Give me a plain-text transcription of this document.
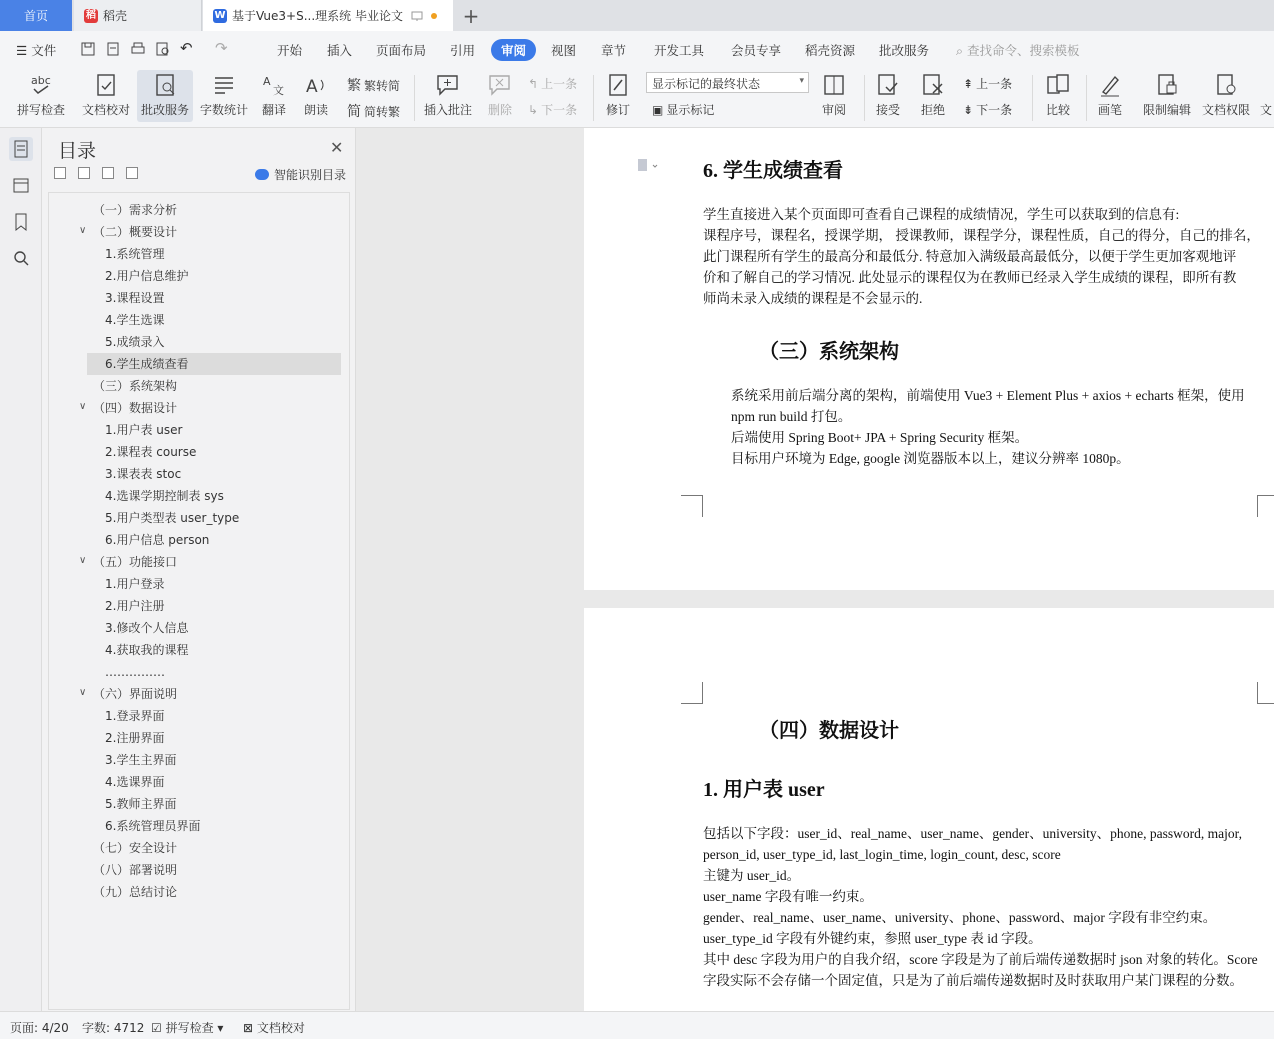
首页	稻 稻壳	W 基于Vue3+S...理系统 毕业论文	+
☰ 文件	↶ ↷	开始 插入 页面布局 引用	审阅	视图 章节 开发工具 会员专享 稻壳资源 批改服务 ⌕ 查找命令、搜索模板
abc
拼写检查 文档校对 批改服务 字数统计
A
文
翻译
A
朗读
繁 繁转简
简 简转繁 插入批注 删除
↰ 上一条
↳ 下一条 修订
显示标记的最终状态	▾
▣ 显示标记	审阅 接受 拒绝
⇞ 上一条
⇟ 下一条	比较 画笔 限制编辑 文档权限 文
目录	✕
智能识别目录
（一）需求分析
∨ （二）概要设计
1.系统管理
2.用户信息维护
3.课程设置
4.学生选课
5.成绩录入
6.学生成绩查看
（三）系统架构
∨ （四）数据设计
1.用户表 user
2.课程表 course
3.课表表 stoc
4.选课学期控制表 sys
5.用户类型表 user_type
6.用户信息 person
∨ （五）功能接口
1.用户登录
2.用户注册
3.修改个人信息
4.获取我的课程
……………
∨ （六）界面说明
1.登录界面
2.注册界面
3.学生主界面
4.选课界面
5.教师主界面
6.系统管理员界面
（七）安全设计
（八）部署说明
（九）总结讨论
6. 学生成绩查看
学生直接进入某个页面即可查看自己课程的成绩情况，学生可以获取到的信息有:
课程序号，课程名，授课学期， 授课教师，课程学分，课程性质，自己的得分，自己的排名，
此门课程所有学生的最高分和最低分. 特意加入满级最高最低分，以便于学生更加客观地评
价和了解自己的学习情况. 此处显示的课程仅为在教师已经录入学生成绩的课程，即所有教
师尚未录入成绩的课程是不会显示的.
（三）系统架构
系统采用前后端分离的架构，前端使用 Vue3 + Element Plus + axios + echarts 框架，使用
npm run build 打包。
后端使用 Spring Boot+ JPA + Spring Security 框架。
目标用户环境为 Edge, google 浏览器版本以上，建议分辨率 1080p。
（四）数据设计
1. 用户表 user
包括以下字段：user_id、real_name、user_name、gender、university、phone, password, major,
person_id, user_type_id, last_login_time, login_count, desc, score
主键为 user_id。
user_name 字段有唯一约束。
gender、real_name、user_name、university、phone、password、major 字段有非空约束。
user_type_id 字段有外键约束，参照 user_type 表 id 字段。
其中 desc 字段为用户的自我介绍，score 字段是为了前后端传递数据时 json 对象的转化。Score
字段实际不会存储一个固定值，只是为了前后端传递数据时及时获取用户某门课程的分数。
页面: 4/20 字数: 4712 ☑ 拼写检查 ▾ ⊠ 文档校对
